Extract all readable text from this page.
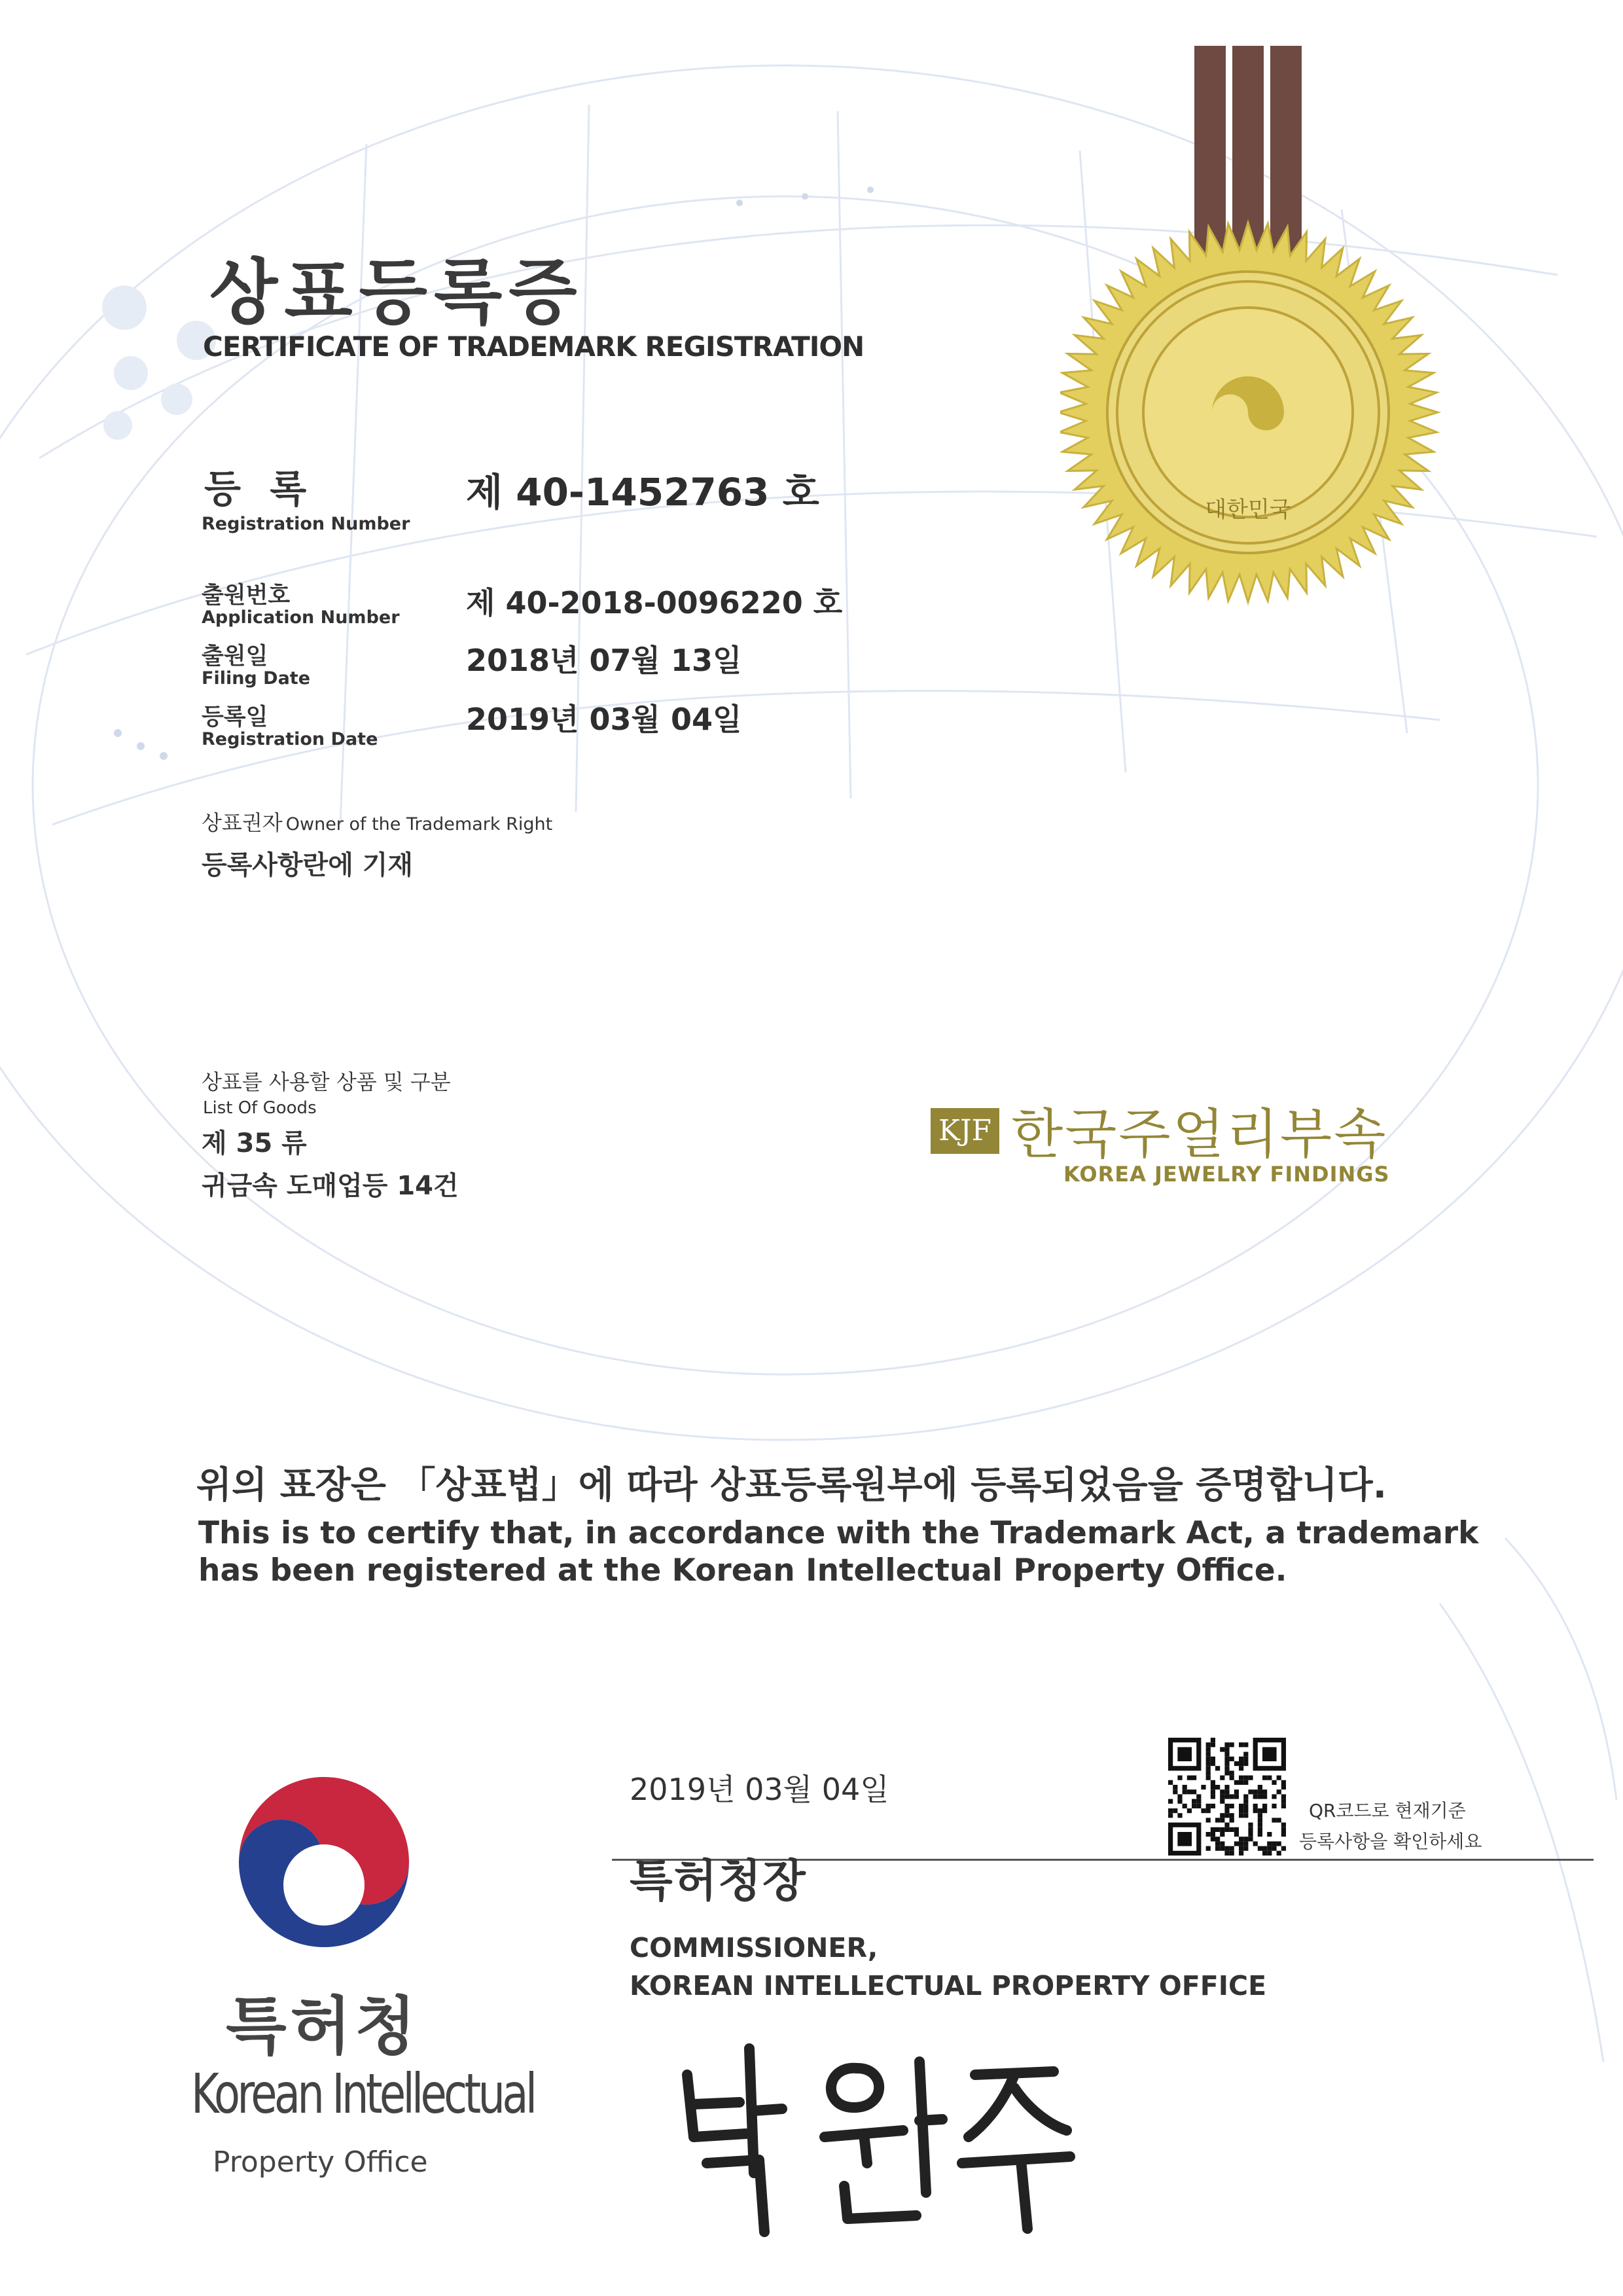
대한민국
상표등록증
CERTIFICATE OF TRADEMARK REGISTRATION
등 록
Registration Number
제 40-1452763 호
출원번호
Application Number 제 40-2018-0096220 호
출원일
Filing Date
2018년 07월 13일
등록일
Registration Date
2019년 03월 04일
상표권자 Owner of the Trademark Right
등록사항란에 기재
상표를 사용할 상품 및 구분
List Of Goods
제 35 류
귀금속 도매업등 14건
KJF 한국주얼리부속
KOREA JEWELRY FINDINGS
위의 표장은 「상표법」에 따라 상표등록원부에 등록되었음을 증명합니다.
This is to certify that, in accordance with the Trademark Act, a trademark
has been registered at the Korean Intellectual Property Office.
2019년 03월 04일
QR코드로 현재기준
등록사항을 확인하세요
특허청장
COMMISSIONER,
KOREAN INTELLECTUAL PROPERTY OFFICE
특허청
Korean Intellectual
Property Office
